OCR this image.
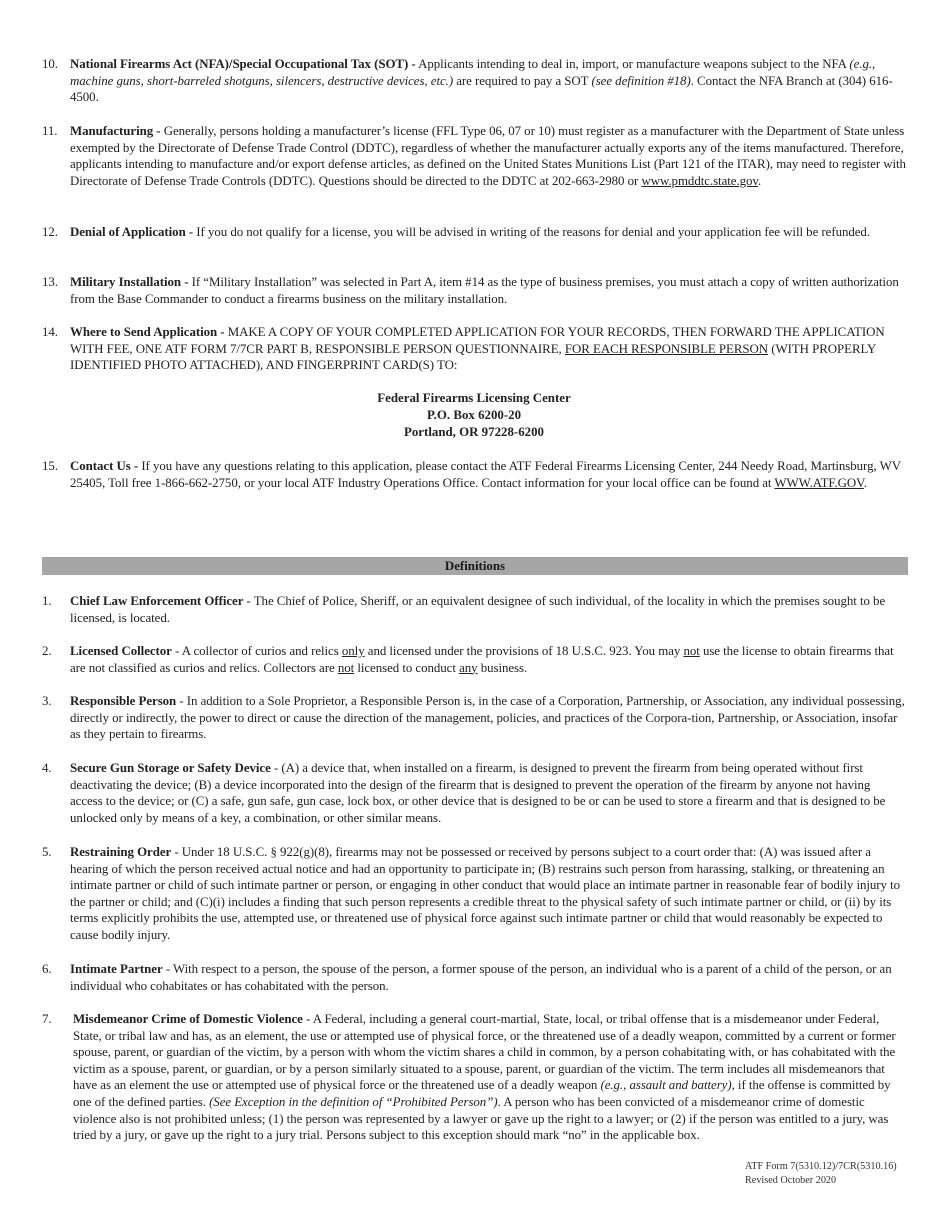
10. National Firearms Act (NFA)/Special Occupational Tax (SOT) - Applicants intending to deal in, import, or manufacture weapons subject to the NFA (e.g., machine guns, short-barreled shotguns, silencers, destructive devices, etc.) are required to pay a SOT (see definition #18). Contact the NFA Branch at (304) 616-4500.
11. Manufacturing - Generally, persons holding a manufacturer’s license (FFL Type 06, 07 or 10) must register as a manufacturer with the Department of State unless exempted by the Directorate of Defense Trade Control (DDTC), regardless of whether the manufacturer actually exports any of the items manufactured. Therefore, applicants intending to manufacture and/or export defense articles, as defined on the United States Munitions List (Part 121 of the ITAR), may need to register with Directorate of Defense Trade Controls (DDTC). Questions should be directed to the DDTC at 202-663-2980 or www.pmddtc.state.gov.
12. Denial of Application - If you do not qualify for a license, you will be advised in writing of the reasons for denial and your application fee will be refunded.
13. Military Installation - If “Military Installation” was selected in Part A, item #14 as the type of business premises, you must attach a copy of written authorization from the Base Commander to conduct a firearms business on the military installation.
14. Where to Send Application - MAKE A COPY OF YOUR COMPLETED APPLICATION FOR YOUR RECORDS, THEN FORWARD THE APPLICATION WITH FEE, ONE ATF FORM 7/7CR PART B, RESPONSIBLE PERSON QUESTIONNAIRE, FOR EACH RESPONSIBLE PERSON (WITH PROPERLY IDENTIFIED PHOTO ATTACHED), AND FINGERPRINT CARD(S) TO:
Federal Firearms Licensing Center
P.O. Box 6200-20
Portland, OR 97228-6200
15. Contact Us - If you have any questions relating to this application, please contact the ATF Federal Firearms Licensing Center, 244 Needy Road, Martinsburg, WV 25405, Toll free 1-866-662-2750, or your local ATF Industry Operations Office. Contact information for your local office can be found at WWW.ATF.GOV.
Definitions
1.	Chief Law Enforcement Officer - The Chief of Police, Sheriff, or an equivalent designee of such individual, of the locality in which the premises sought to be licensed, is located.
2.	Licensed Collector - A collector of curios and relics only and licensed under the provisions of 18 U.S.C. 923. You may not use the license to obtain firearms that are not classified as curios and relics. Collectors are not licensed to conduct any business.
3.	Responsible Person - In addition to a Sole Proprietor, a Responsible Person is, in the case of a Corporation, Partnership, or Association, any individual possessing, directly or indirectly, the power to direct or cause the direction of the management, policies, and practices of the Corpora-tion, Partnership, or Association, insofar as they pertain to firearms.
4.	Secure Gun Storage or Safety Device - (A) a device that, when installed on a firearm, is designed to prevent the firearm from being operated without first deactivating the device; (B) a device incorporated into the design of the firearm that is designed to prevent the operation of the firearm by anyone not having access to the device; or (C) a safe, gun safe, gun case, lock box, or other device that is designed to be or can be used to store a firearm and that is designed to be unlocked only by means of a key, a combination, or other similar means.
5.	Restraining Order - Under 18 U.S.C. § 922(g)(8), firearms may not be possessed or received by persons subject to a court order that: (A) was issued after a hearing of which the person received actual notice and had an opportunity to participate in; (B) restrains such person from harassing, stalking, or threatening an intimate partner or child of such intimate partner or person, or engaging in other conduct that would place an intimate partner in reasonable fear of bodily injury to the partner or child; and (C)(i) includes a finding that such person represents a credible threat to the physical safety of such intimate partner or child, or (ii) by its terms explicitly prohibits the use, attempted use, or threatened use of physical force against such intimate partner or child that would reasonably be expected to cause bodily injury.
6.	Intimate Partner - With respect to a person, the spouse of the person, a former spouse of the person, an individual who is a parent of a child of the person, or an individual who cohabitates or has cohabitated with the person.
7.	Misdemeanor Crime of Domestic Violence - A Federal, including a general court-martial, State, local, or tribal offense that is a misdemeanor under Federal, State, or tribal law and has, as an element, the use or attempted use of physical force, or the threatened use of a deadly weapon, committed by a current or former spouse, parent, or guardian of the victim, by a person with whom the victim shares a child in common, by a person cohabitating with, or has cohabitated with the victim as a spouse, parent, or guardian, or by a person similarly situated to a spouse, parent, or guardian of the victim. The term includes all misdemeanors that have as an element the use or attempted use of physical force or the threatened use of a deadly weapon (e.g., assault and battery), if the offense is committed by one of the defined parties. (See Exception in the definition of “Prohibited Person”). A person who has been convicted of a misdemeanor crime of domestic violence also is not prohibited unless; (1) the person was represented by a lawyer or gave up the right to a lawyer; or (2) if the person was entitled to a jury, was tried by a jury, or gave up the right to a jury trial. Persons subject to this exception should mark “no” in the applicable box.
ATF Form 7(5310.12)/7CR(5310.16)
Revised October 2020
